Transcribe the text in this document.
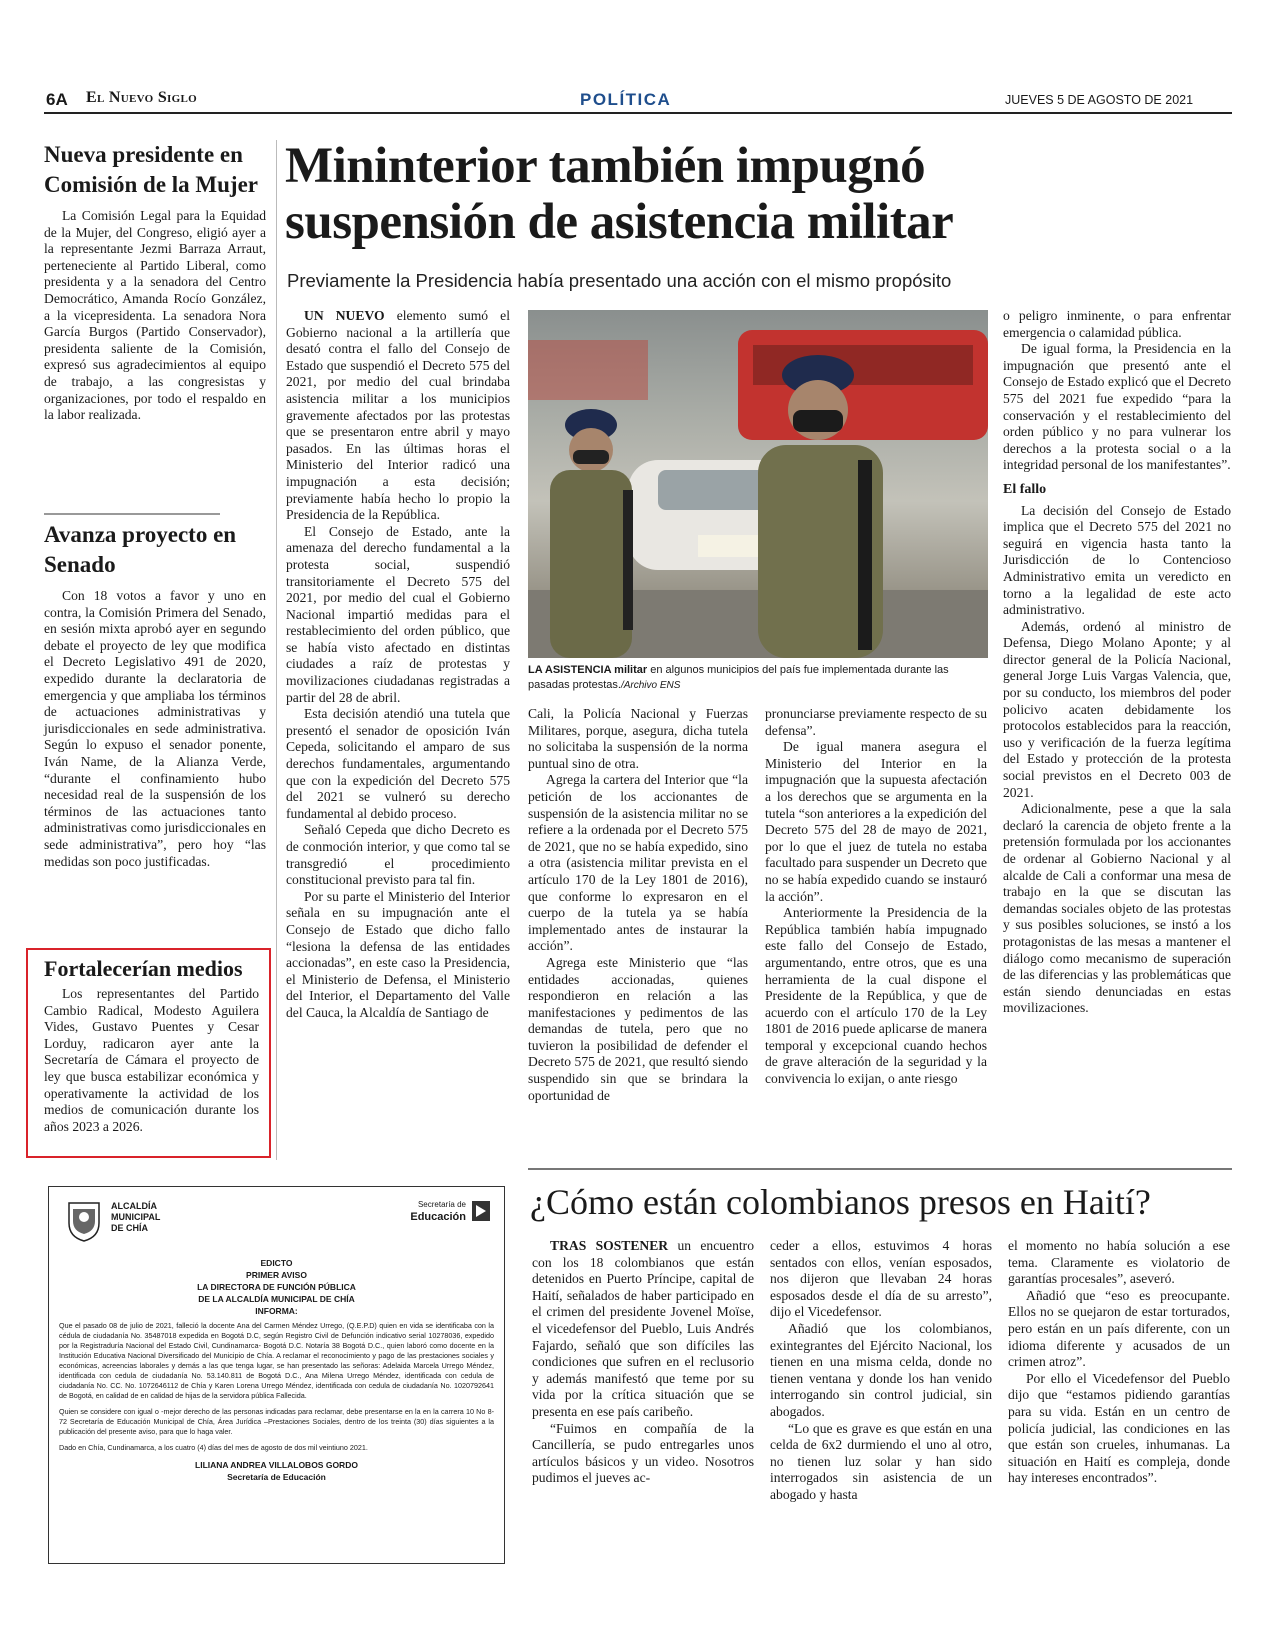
6A El Nuevo Siglo	POLÍTICA	JUEVES 5 DE AGOSTO DE 2021
Nueva presidente en Comisión de la Mujer

La Comisión Legal para la Equidad de la Mujer, del Congreso, eligió ayer a la representante Jezmi Barraza Arraut, perteneciente al Partido Liberal, como presidenta y a la senadora del Centro Democrático, Amanda Rocío González, a la vicepresidenta. La senadora Nora García Burgos (Partido Conservador), presidenta saliente de la Comisión, expresó sus agradecimientos al equipo de trabajo, a las congresistas y organizaciones, por todo el respaldo en la labor realizada.

Avanza proyecto en Senado

Con 18 votos a favor y uno en contra, la Comisión Primera del Senado, en sesión mixta aprobó ayer en segundo debate el proyecto de ley que modifica el Decreto Legislativo 491 de 2020, expedido durante la declaratoria de emergencia y que ampliaba los términos de actuaciones administrativas y jurisdiccionales en sede administrativa. Según lo expuso el senador ponente, Iván Name, de la Alianza Verde, “durante el confinamiento hubo necesidad real de la suspensión de los términos de las actuaciones tanto administrativas como jurisdiccionales en sede administrativa”, pero hoy “las medidas son poco justificadas.

Fortalecerían medios

Los representantes del Partido Cambio Radical, Modesto Aguilera Vides, Gustavo Puentes y Cesar Lorduy, radicaron ayer ante la Secretaría de Cámara el proyecto de ley que busca estabilizar económica y operativamente la actividad de los medios de comunicación durante los años 2023 a 2026.

Mininterior también impugnó
suspensión de asistencia militar
Previamente la Presidencia había presentado una acción con el mismo propósito

UN NUEVO elemento sumó el Gobierno nacional a la artillería que desató contra el fallo del Consejo de Estado que suspendió el Decreto 575 del 2021, por medio del cual brindaba asistencia militar a los municipios gravemente afectados por las protestas que se presentaron entre abril y mayo pasados. En las últimas horas el Ministerio del Interior radicó una impugnación a esta decisión; previamente había hecho lo propio la Presidencia de la República.

El Consejo de Estado, ante la amenaza del derecho fundamental a la protesta social, suspendió transitoriamente el Decreto 575 del 2021, por medio del cual el Gobierno Nacional impartió medidas para el restablecimiento del orden público, que se había visto afectado en distintas ciudades a raíz de protestas y movilizaciones ciudadanas registradas a partir del 28 de abril.

Esta decisión atendió una tutela que presentó el senador de oposición Iván Cepeda, solicitando el amparo de sus derechos fundamentales, argumentando que con la expedición del Decreto 575 del 2021 se vulneró su derecho fundamental al debido proceso.

Señaló Cepeda que dicho Decreto es de conmoción interior, y que como tal se transgredió el procedimiento constitucional previsto para tal fin.

Por su parte el Ministerio del Interior señala en su impugnación ante el Consejo de Estado que dicho fallo “lesiona la defensa de las entidades accionadas”, en este caso la Presidencia, el Ministerio de Defensa, el Ministerio del Interior, el Departamento del Valle del Cauca, la Alcaldía de Santiago de

LA ASISTENCIA militar en algunos municipios del país fue implementada durante las pasadas protestas./Archivo ENS

Cali, la Policía Nacional y Fuerzas Militares, porque, asegura, dicha tutela no solicitaba la suspensión de la norma puntual sino de otra.

Agrega la cartera del Interior que “la petición de los accionantes de suspensión de la asistencia militar no se refiere a la ordenada por el Decreto 575 de 2021, que no se había expedido, sino a otra (asistencia militar prevista en el artículo 170 de la Ley 1801 de 2016), que conforme lo expresaron en el cuerpo de la tutela ya se había implementado antes de instaurar la acción”.

Agrega este Ministerio que “las entidades accionadas, quienes respondieron en relación a las manifestaciones y pedimentos de las demandas de tutela, pero que no tuvieron la posibilidad de defender el Decreto 575 de 2021, que resultó siendo suspendido sin que se brindara la oportunidad de

pronunciarse previamente respecto de su defensa”.

De igual manera asegura el Ministerio del Interior en la impugnación que la supuesta afectación a los derechos que se argumenta en la tutela “son anteriores a la expedición del Decreto 575 del 28 de mayo de 2021, por lo que el juez de tutela no estaba facultado para suspender un Decreto que no se había expedido cuando se instauró la acción”.

Anteriormente la Presidencia de la República también había impugnado este fallo del Consejo de Estado, argumentando, entre otros, que es una herramienta de la cual dispone el Presidente de la República, y que de acuerdo con el artículo 170 de la Ley 1801 de 2016 puede aplicarse de manera temporal y excepcional cuando hechos de grave alteración de la seguridad y la convivencia lo exijan, o ante riesgo

o peligro inminente, o para enfrentar emergencia o calamidad pública.

De igual forma, la Presidencia en la impugnación que presentó ante el Consejo de Estado explicó que el Decreto 575 del 2021 fue expedido “para la conservación y el restablecimiento del orden público y no para vulnerar los derechos a la protesta social o a la integridad personal de los manifestantes”.

El fallo

La decisión del Consejo de Estado implica que el Decreto 575 del 2021 no seguirá en vigencia hasta tanto la Jurisdicción de lo Contencioso Administrativo emita un veredicto en torno a la legalidad de este acto administrativo.

Además, ordenó al ministro de Defensa, Diego Molano Aponte; y al director general de la Policía Nacional, general Jorge Luis Vargas Valencia, que, por su conducto, los miembros del poder policivo acaten debidamente los protocolos establecidos para la reacción, uso y verificación de la fuerza legítima del Estado y protección de la protesta social previstos en el Decreto 003 de 2021.

Adicionalmente, pese a que la sala declaró la carencia de objeto frente a la pretensión formulada por los accionantes de ordenar al Gobierno Nacional y al alcalde de Cali a conformar una mesa de trabajo en la que se discutan las demandas sociales objeto de las protestas y sus posibles soluciones, se instó a los protagonistas de las mesas a mantener el diálogo como mecanismo de superación de las diferencias y las problemáticas que están siendo denunciadas en estas movilizaciones.

ALCALDÍA
MUNICIPAL
DE CHÍA
Secretaría de
Educación
EDICTO
PRIMER AVISO
LA DIRECTORA DE FUNCIÓN PÚBLICA
DE LA ALCALDÍA MUNICIPAL DE CHÍA
INFORMA:
Que el pasado 08 de julio de 2021, falleció la docente Ana del Carmen Méndez Urrego, (Q.E.P.D) quien en vida se identificaba con la cédula de ciudadanía No. 35487018 expedida en Bogotá D.C, según Registro Civil de Defunción indicativo serial 10278036, expedido por la Registraduría Nacional del Estado Civil, Cundinamarca- Bogotá D.C. Notaría 38 Bogotá D.C., quien laboró como docente en la Institución Educativa Nacional Diversificado del Municipio de Chía. A reclamar el reconocimiento y pago de las prestaciones sociales y económicas, acreencias laborales y demás a las que tenga lugar, se han presentado las señoras: Adelaida Marcela Urrego Méndez, identificada con cedula de ciudadanía No. 53.140.811 de Bogotá D.C., Ana Milena Urrego Méndez, identificada con cedula de ciudadanía No. CC. No. 1072646112 de Chía y Karen Lorena Urrego Méndez, identificada con cedula de ciudadanía No. 1020792641 de Bogotá, en calidad de en calidad de hijas de la servidora pública Fallecida.
Quien se considere con igual o -mejor derecho de las personas indicadas para reclamar, debe presentarse en la en la carrera 10 No 8-72 Secretaría de Educación Municipal de Chía, Área Jurídica –Prestaciones Sociales, dentro de los treinta (30) días siguientes a la publicación del presente aviso, para que lo haga valer.
Dado en Chía, Cundinamarca, a los cuatro (4) días del mes de agosto de dos mil veintiuno 2021.
LILIANA ANDREA VILLALOBOS GORDO
Secretaría de Educación
¿Cómo están colombianos presos en Haití?

TRAS SOSTENER un encuentro con los 18 colombianos que están detenidos en Puerto Príncipe, capital de Haití, señalados de haber participado en el crimen del presidente Jovenel Moïse, el vicedefensor del Pueblo, Luis Andrés Fajardo, señaló que son difíciles las condiciones que sufren en el reclusorio y además manifestó que teme por su vida por la crítica situación que se presenta en ese país caribeño.

“Fuimos en compañía de la Cancillería, se pudo entregarles unos artículos básicos y un video. Nosotros pudimos el jueves ac-

ceder a ellos, estuvimos 4 horas sentados con ellos, venían esposados, nos dijeron que llevaban 24 horas esposados desde el día de su arresto”, dijo el Vicedefensor.

Añadió que los colombianos, exintegrantes del Ejército Nacional, los tienen en una misma celda, donde no tienen ventana y donde los han venido interrogando sin control judicial, sin abogados.

“Lo que es grave es que están en una celda de 6x2 durmiendo el uno al otro, no tienen luz solar y han sido interrogados sin asistencia de un abogado y hasta

el momento no había solución a ese tema. Claramente es violatorio de garantías procesales”, aseveró.

Añadió que “eso es preocupante. Ellos no se quejaron de estar torturados, pero están en un país diferente, con un idioma diferente y acusados de un crimen atroz”.

Por ello el Vicedefensor del Pueblo dijo que “estamos pidiendo garantías para su vida. Están en un centro de policía judicial, las condiciones en las que están son crueles, inhumanas. La situación en Haití es compleja, donde hay intereses encontrados”.
